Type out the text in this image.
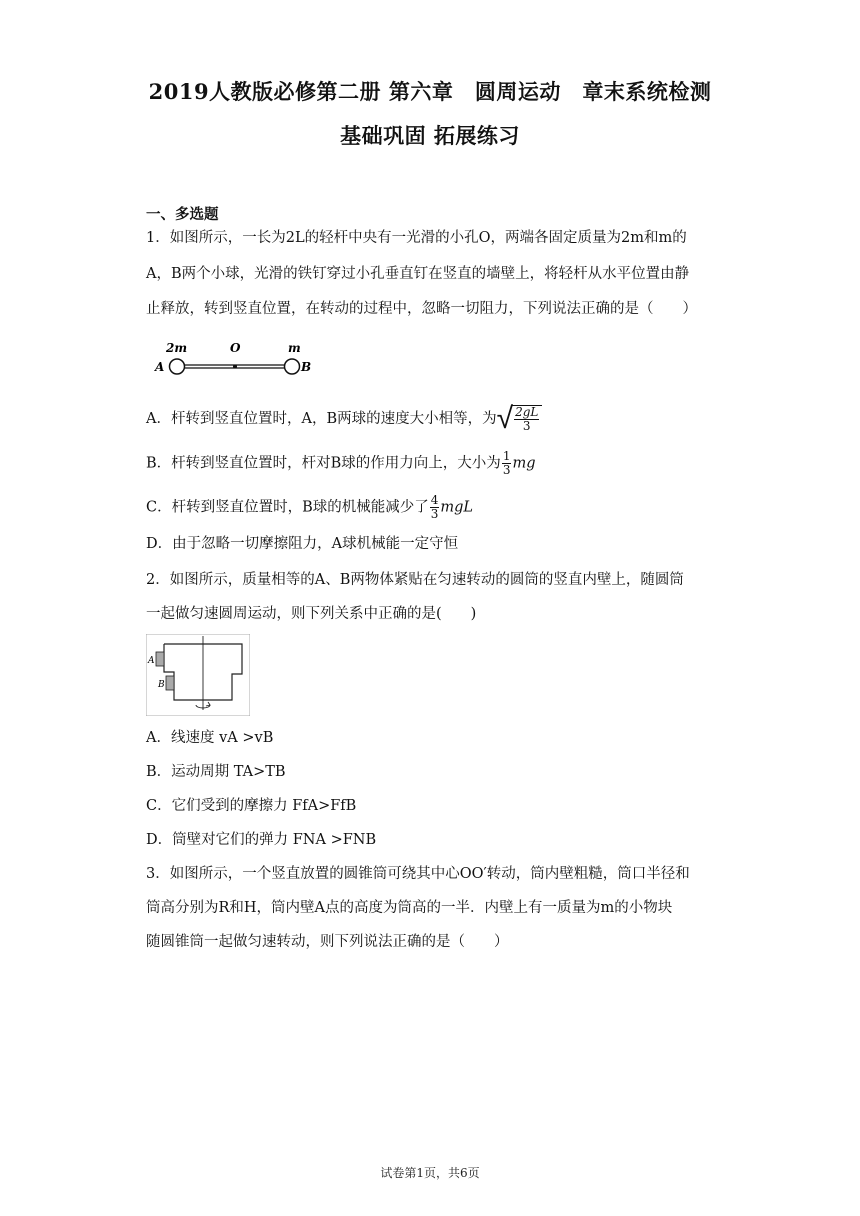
2019人教版必修第二册 第六章　圆周运动　章末系统检测
基础巩固 拓展练习
一、多选题
1．如图所示，一长为2L的轻杆中央有一光滑的小孔O，两端各固定质量为2m和m的
A，B两个小球，光滑的铁钉穿过小孔垂直钉在竖直的墙壁上，将轻杆从水平位置由静
止释放，转到竖直位置，在转动的过程中，忽略一切阻力，下列说法正确的是（　　）
2m	O	m
A	B
A．杆转到竖直位置时，A，B两球的速度大小相等，为√ $\frac{2gL}{3}$
B．杆转到竖直位置时，杆对B球的作用力向上，大小为 $\frac{1}{3}$ mg
C．杆转到竖直位置时，B球的机械能减少了 $\frac{4}{3}$ mgL
D．由于忽略一切摩擦阻力，A球机械能一定守恒
2．如图所示，质量相等的A、B两物体紧贴在匀速转动的圆筒的竖直内壁上，随圆筒
一起做匀速圆周运动，则下列关系中正确的是(　　)
A
B
A．线速度 vA >vB
B．运动周期 TA>TB
C．它们受到的摩擦力 FfA>FfB
D．筒壁对它们的弹力 FNA >FNB
3．如图所示，一个竖直放置的圆锥筒可绕其中心OO′转动，筒内壁粗糙，筒口半径和
筒高分别为R和H，筒内壁A点的高度为筒高的一半．内壁上有一质量为m的小物块
随圆锥筒一起做匀速转动，则下列说法正确的是（　　）
试卷第1页，共6页
